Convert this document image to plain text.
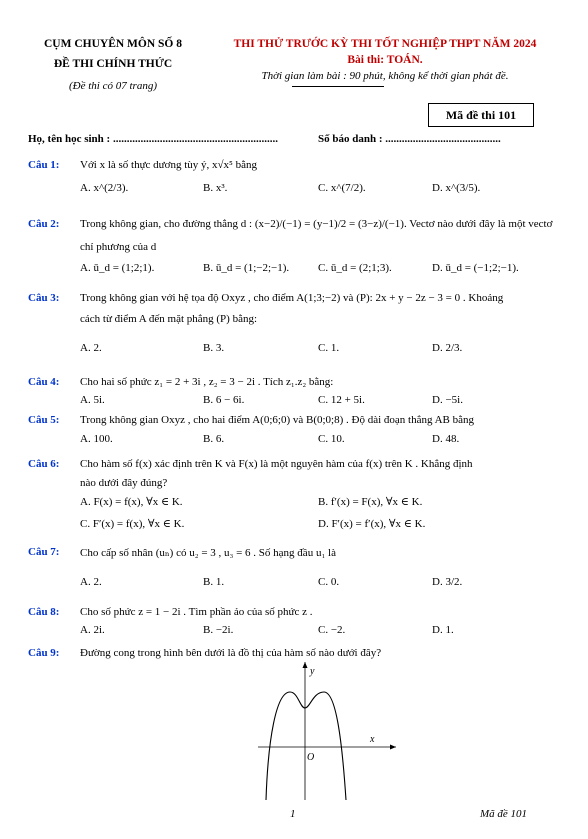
CỤM CHUYÊN MÔN SỐ 8
ĐỀ THI CHÍNH THỨC
(Đề thi có 07 trang)
THI THỬ TRƯỚC KỲ THI TỐT NGHIỆP THPT NĂM 2024
Bài thi: TOÁN.
Thời gian làm bài : 90 phút, không kể thời gian phát đề.
Mã đề thi 101
Họ, tên học sinh : ............................................................	Số báo danh : ..........................................
Câu 1: Với x là số thực dương tùy ý, x√x⁵ bằng
A. x^(2/3).	B. x³.	C. x^(7/2).	D. x^(3/5).
Câu 2: Trong không gian, cho đường thẳng d : (x−2)/(−1) = (y−1)/2 = (3−z)/(−1). Vectơ nào dưới đây là một vectơ
chỉ phương của d
A. ū_d = (1;2;1).	B. ū_d = (1;−2;−1).	C. ū_d = (2;1;3).	D. ū_d = (−1;2;−1).
Câu 3: Trong không gian với hệ tọa độ Oxyz , cho điểm A(1;3;−2) và (P): 2x + y − 2z − 3 = 0 . Khoảng
cách từ điểm A đến mặt phẳng (P) bằng:
A. 2.	B. 3.	C. 1.	D. 2/3.
Câu 4: Cho hai số phức z₁ = 2 + 3i , z₂ = 3 − 2i . Tích z₁.z₂ bằng:
A. 5i.	B. 6 − 6i.	C. 12 + 5i.	D. −5i.
Câu 5: Trong không gian Oxyz , cho hai điểm A(0;6;0) và B(0;0;8) . Độ dài đoạn thẳng AB bằng
A. 100.	B. 6.	C. 10.	D. 48.
Câu 6: Cho hàm số f(x) xác định trên K và F(x) là một nguyên hàm của f(x) trên K . Khẳng định
nào dưới đây đúng?
A. F(x) = f(x), ∀x ∈ K.	B. f′(x) = F(x), ∀x ∈ K.
C. F′(x) = f(x), ∀x ∈ K.	D. F′(x) = f′(x), ∀x ∈ K.
Câu 7: Cho cấp số nhân (uₙ) có u₂ = 3 , u₃ = 6 . Số hạng đầu u₁ là
A. 2.	B. 1.	C. 0.	D. 3/2.
Câu 8: Cho số phức z = 1 − 2i . Tìm phần ảo của số phức z .
A. 2i.	B. −2i.	C. −2.	D. 1.
Câu 9: Đường cong trong hình bên dưới là đồ thị của hàm số nào dưới đây?
y
x
O
1	Mã đề 101
